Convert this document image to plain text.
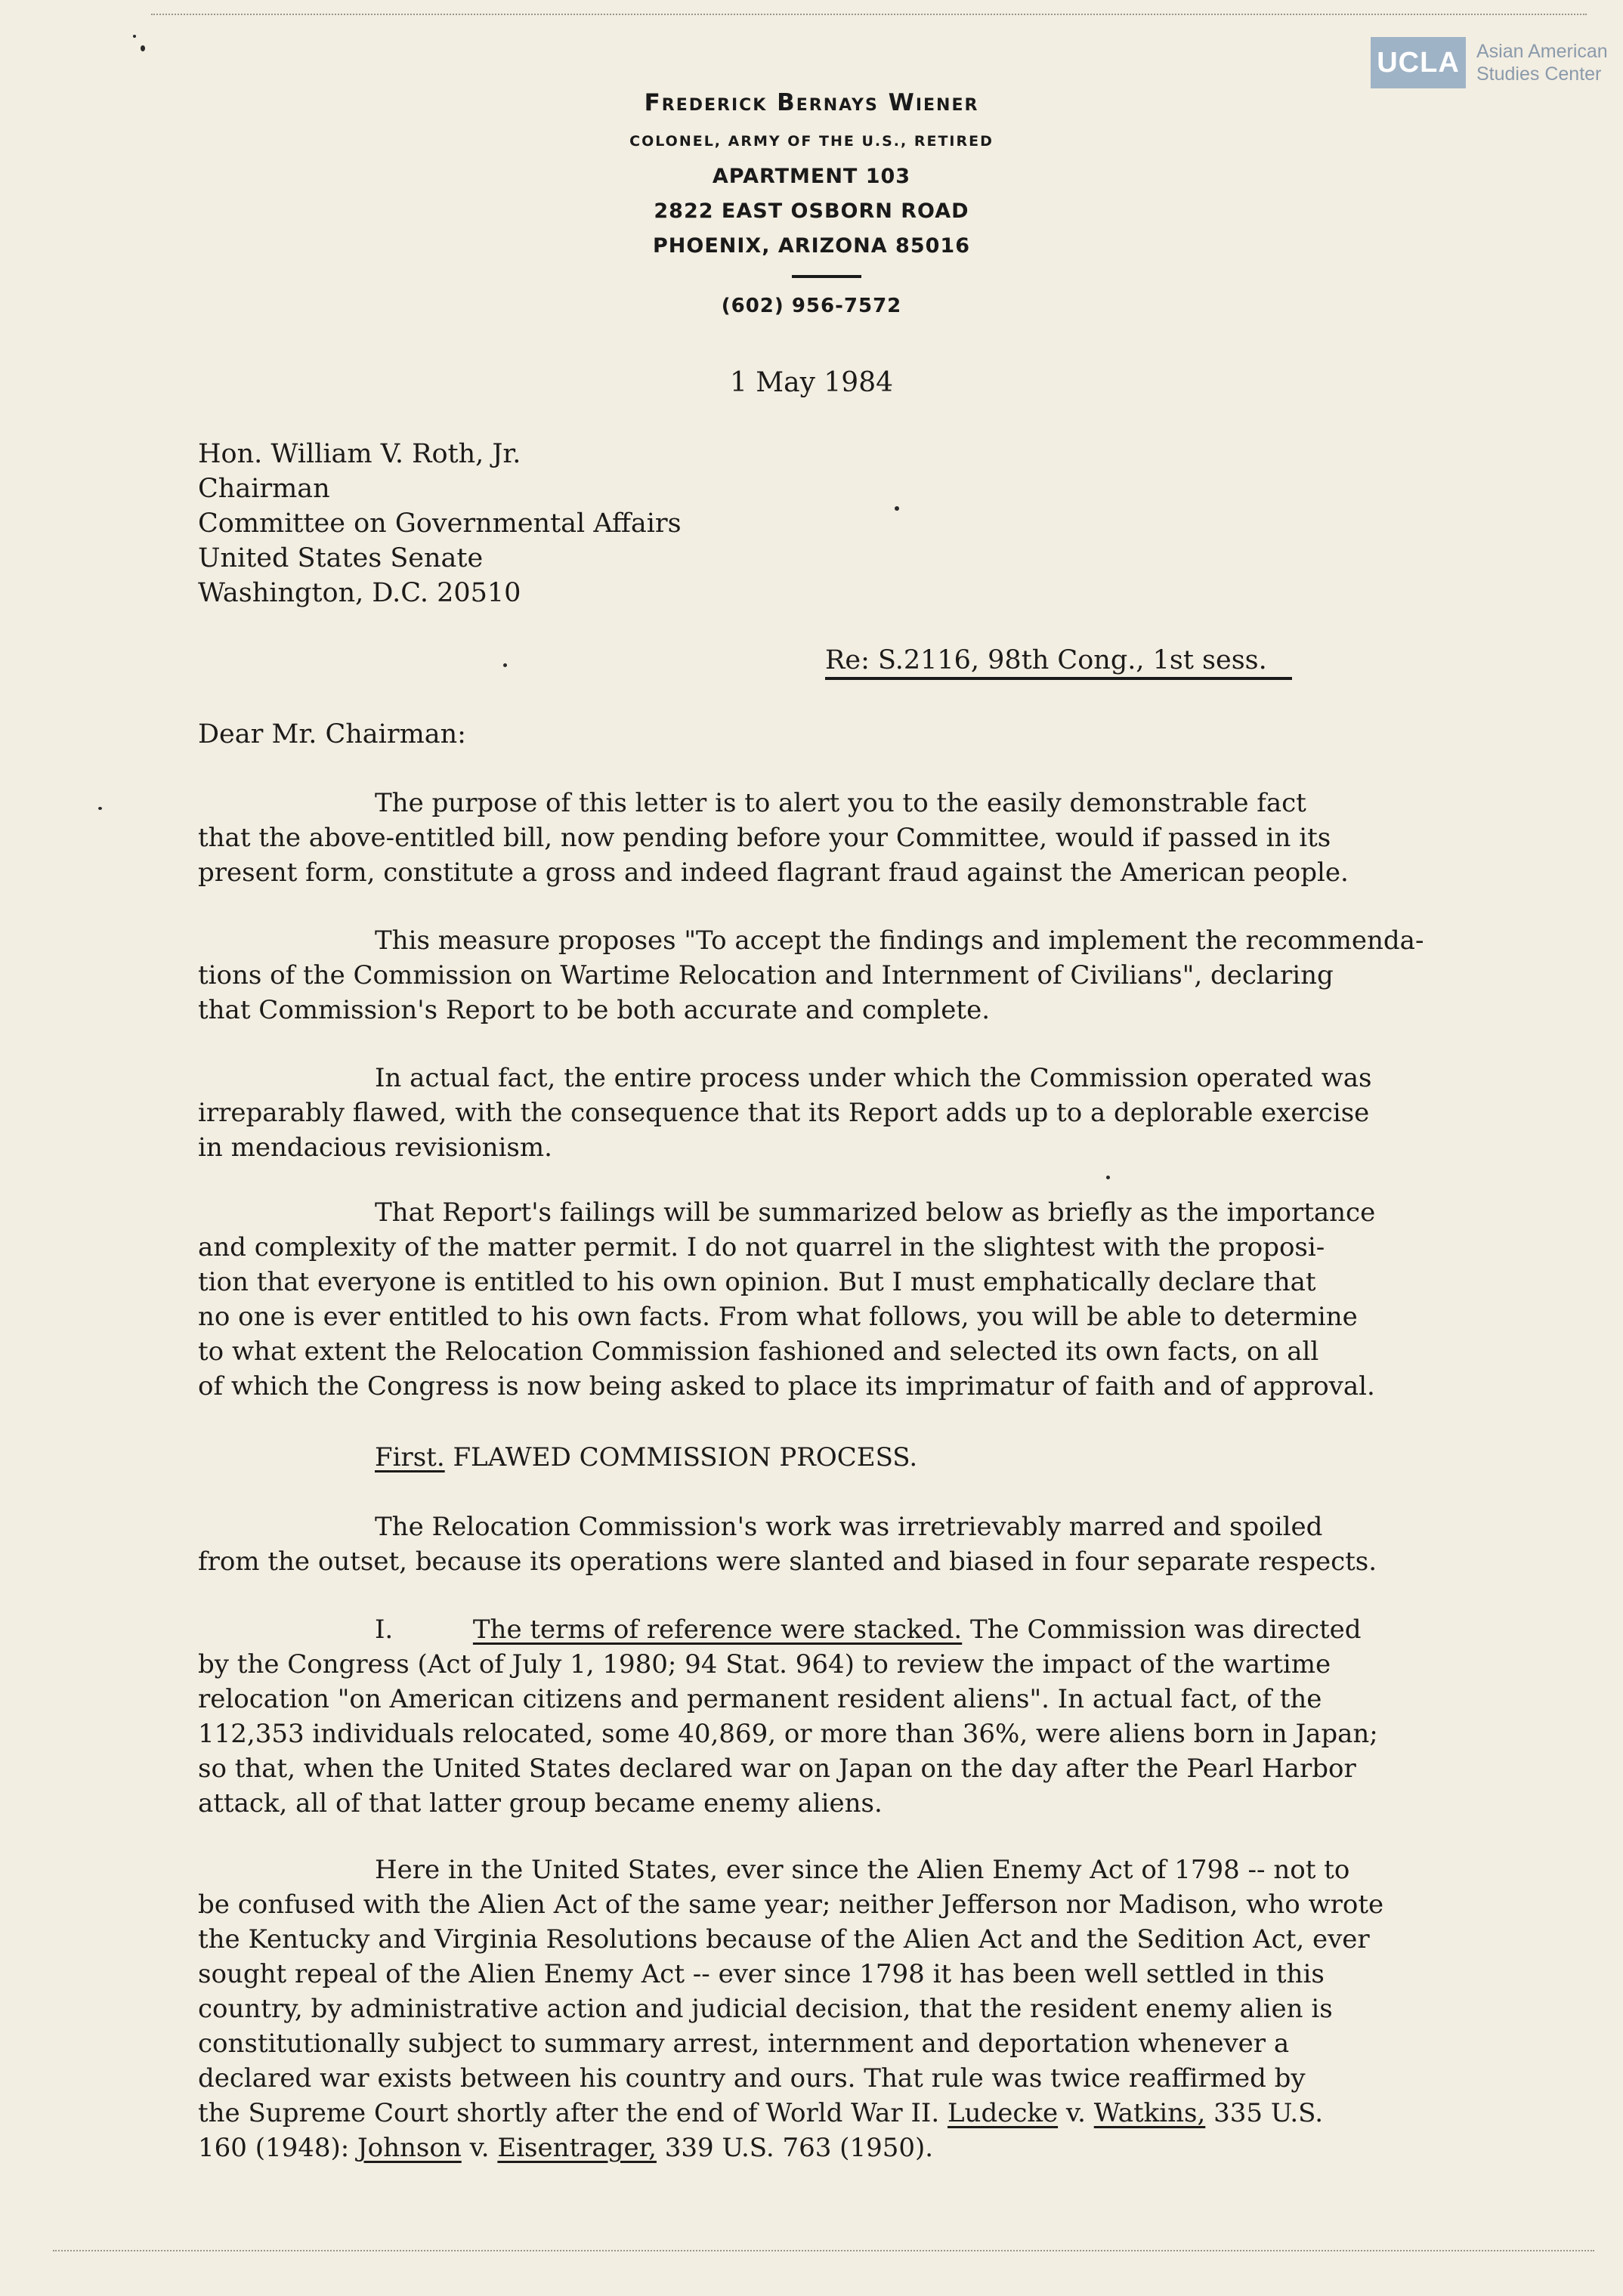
UCLA Asian American
Studies Center
Frederick Bernays Wiener
COLONEL, ARMY OF THE U.S., RETIRED
APARTMENT 103
2822 EAST OSBORN ROAD
PHOENIX, ARIZONA 85016
(602) 956-7572
1 May 1984
Hon. William V. Roth, Jr.
Chairman
Committee on Governmental Affairs
United States Senate
Washington, D.C. 20510
Re: S.2116, 98th Cong., 1st sess.
Dear Mr. Chairman:
The purpose of this letter is to alert you to the easily demonstrable fact
that the above-entitled bill, now pending before your Committee, would if passed in its
present form, constitute a gross and indeed flagrant fraud against the American people.
This measure proposes "To accept the findings and implement the recommenda-
tions of the Commission on Wartime Relocation and Internment of Civilians", declaring
that Commission's Report to be both accurate and complete.
In actual fact, the entire process under which the Commission operated was
irreparably flawed, with the consequence that its Report adds up to a deplorable exercise
in mendacious revisionism.
That Report's failings will be summarized below as briefly as the importance
and complexity of the matter permit. I do not quarrel in the slightest with the proposi-
tion that everyone is entitled to his own opinion. But I must emphatically declare that
no one is ever entitled to his own facts. From what follows, you will be able to determine
to what extent the Relocation Commission fashioned and selected its own facts, on all
of which the Congress is now being asked to place its imprimatur of faith and of approval.
First. FLAWED COMMISSION PROCESS.
The Relocation Commission's work was irretrievably marred and spoiled
from the outset, because its operations were slanted and biased in four separate respects.
I.	The terms of reference were stacked. The Commission was directed
by the Congress (Act of July 1, 1980; 94 Stat. 964) to review the impact of the wartime
relocation "on American citizens and permanent resident aliens". In actual fact, of the
112,353 individuals relocated, some 40,869, or more than 36%, were aliens born in Japan;
so that, when the United States declared war on Japan on the day after the Pearl Harbor
attack, all of that latter group became enemy aliens.
Here in the United States, ever since the Alien Enemy Act of 1798 -- not to
be confused with the Alien Act of the same year; neither Jefferson nor Madison, who wrote
the Kentucky and Virginia Resolutions because of the Alien Act and the Sedition Act, ever
sought repeal of the Alien Enemy Act -- ever since 1798 it has been well settled in this
country, by administrative action and judicial decision, that the resident enemy alien is
constitutionally subject to summary arrest, internment and deportation whenever a
declared war exists between his country and ours. That rule was twice reaffirmed by
the Supreme Court shortly after the end of World War II. Ludecke v. Watkins, 335 U.S.
160 (1948): Johnson v. Eisentrager, 339 U.S. 763 (1950).
